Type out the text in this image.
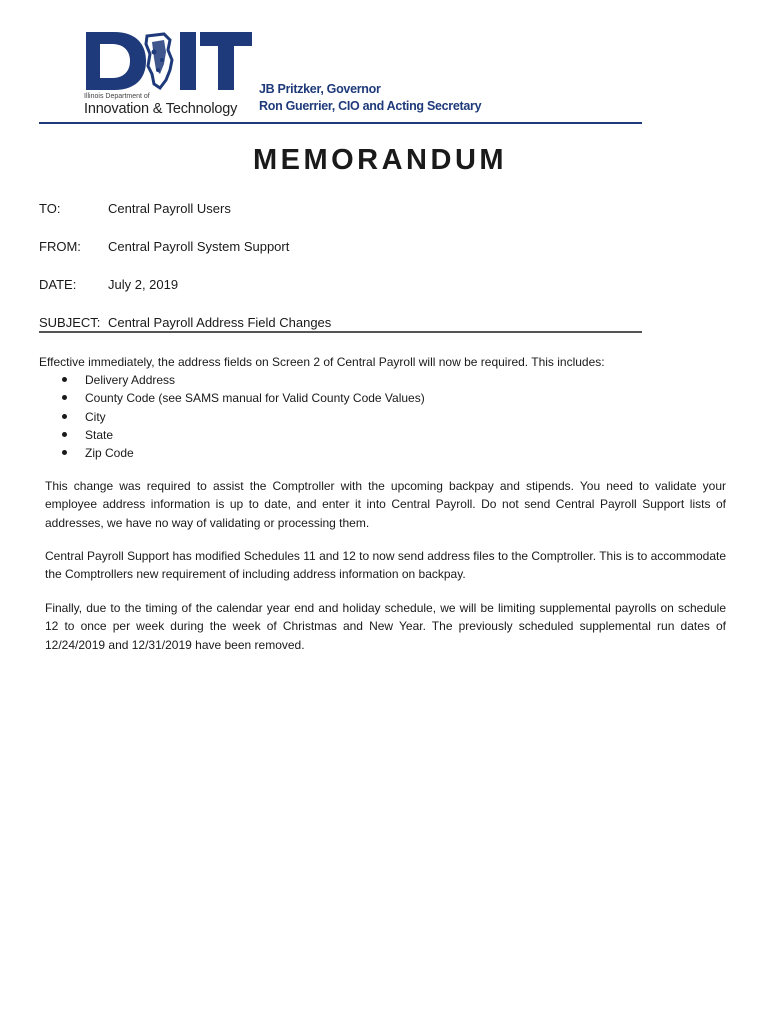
Illinois Department of
Innovation & Technology
JB Pritzker, Governor
Ron Guerrier, CIO and Acting Secretary
MEMORANDUM
TO:	Central Payroll Users
FROM: Central Payroll System Support
DATE: July 2, 2019
SUBJECT: Central Payroll Address Field Changes
Effective immediately, the address fields on Screen 2 of Central Payroll will now be required. This includes:
Delivery Address
County Code (see SAMS manual for Valid County Code Values)
City
State
Zip Code

This change was required to assist the Comptroller with the upcoming backpay and stipends. You need to validate your employee address information is up to date, and enter it into Central Payroll. Do not send Central Payroll Support lists of addresses, we have no way of validating or processing them.

Central Payroll Support has modified Schedules 11 and 12 to now send address files to the Comptroller. This is to accommodate the Comptrollers new requirement of including address information on backpay.

Finally, due to the timing of the calendar year end and holiday schedule, we will be limiting supplemental payrolls on schedule 12 to once per week during the week of Christmas and New Year. The previously scheduled supplemental run dates of 12/24/2019 and 12/31/2019 have been removed.
